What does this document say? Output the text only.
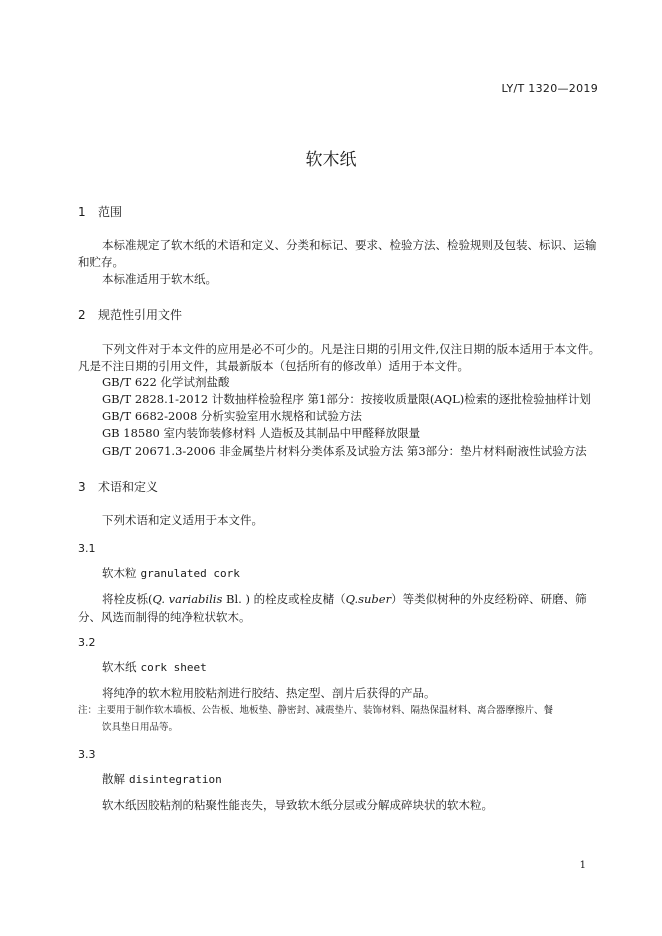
LY/T 1320—2019
软木纸
1 范围
本标准规定了软木纸的术语和定义、分类和标记、要求、检验方法、检验规则及包装、标识、运输
和贮存。
本标准适用于软木纸。
2 规范性引用文件
下列文件对于本文件的应用是必不可少的。凡是注日期的引用文件,仅注日期的版本适用于本文件。
凡是不注日期的引用文件，其最新版本（包括所有的修改单）适用于本文件。
GB/T 622 化学试剂盐酸
GB/T 2828.1-2012 计数抽样检验程序 第1部分：按接收质量限(AQL)检索的逐批检验抽样计划
GB/T 6682-2008 分析实验室用水规格和试验方法
GB 18580 室内装饰装修材料 人造板及其制品中甲醛释放限量
GB/T 20671.3-2006 非金属垫片材料分类体系及试验方法 第3部分：垫片材料耐液性试验方法
3 术语和定义
下列术语和定义适用于本文件。
3.1
软木粒 granulated cork
将栓皮栎(Q. variabilis Bl. ) 的栓皮或栓皮槠（Q.suber）等类似树种的外皮经粉碎、研磨、筛
分、风选而制得的纯净粒状软木。
3.2
软木纸 cork sheet
将纯净的软木粒用胶粘剂进行胶结、热定型、剖片后获得的产品。
注：主要用于制作软木墙板、公告板、地板垫、静密封、减震垫片、装饰材料、隔热保温材料、离合器摩擦片、餐
饮具垫日用品等。
3.3
散解 disintegration
软木纸因胶粘剂的粘聚性能丧失，导致软木纸分层或分解成碎块状的软木粒。
1
